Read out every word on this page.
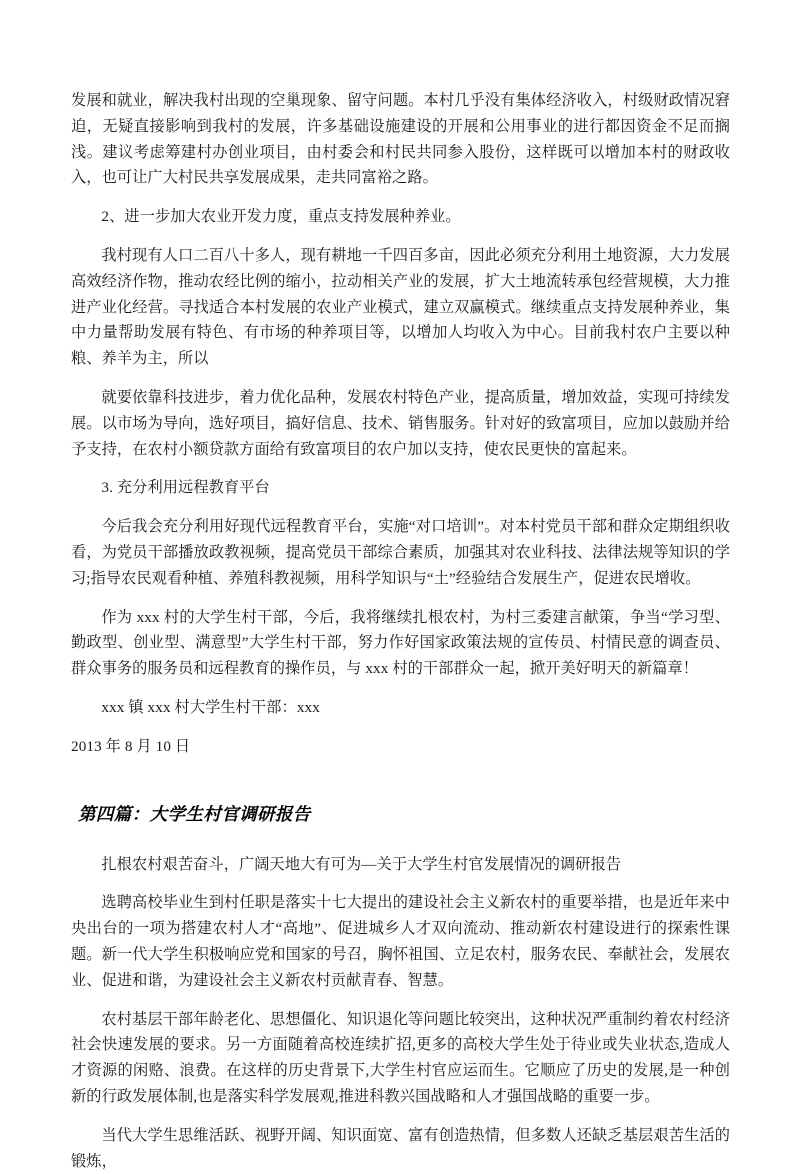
发展和就业，解决我村出现的空巢现象、留守问题。本村几乎没有集体经济收入，村级财政情况窘迫，无疑直接影响到我村的发展，许多基础设施建设的开展和公用事业的进行都因资金不足而搁浅。建议考虑筹建村办创业项目，由村委会和村民共同参入股份，这样既可以增加本村的财政收入，也可让广大村民共享发展成果，走共同富裕之路。

2、进一步加大农业开发力度，重点支持发展种养业。

我村现有人口二百八十多人，现有耕地一千四百多亩，因此必须充分利用土地资源，大力发展高效经济作物，推动农经比例的缩小，拉动相关产业的发展，扩大土地流转承包经营规模，大力推进产业化经营。寻找适合本村发展的农业产业模式，建立双赢模式。继续重点支持发展种养业，集中力量帮助发展有特色、有市场的种养项目等，以增加人均收入为中心。目前我村农户主要以种粮、养羊为主，所以

就要依靠科技进步，着力优化品种，发展农村特色产业，提高质量，增加效益，实现可持续发展。以市场为导向，选好项目，搞好信息、技术、销售服务。针对好的致富项目，应加以鼓励并给予支持，在农村小额贷款方面给有致富项目的农户加以支持，使农民更快的富起来。

3. 充分利用远程教育平台

今后我会充分利用好现代远程教育平台，实施“对口培训”。对本村党员干部和群众定期组织收看，为党员干部播放政教视频，提高党员干部综合素质，加强其对农业科技、法律法规等知识的学习;指导农民观看种植、养殖科教视频，用科学知识与“土”经验结合发展生产，促进农民增收。

作为 xxx 村的大学生村干部，今后，我将继续扎根农村，为村三委建言献策，争当“学习型、勤政型、创业型、满意型”大学生村干部，努力作好国家政策法规的宣传员、村情民意的调查员、群众事务的服务员和远程教育的操作员，与 xxx 村的干部群众一起，掀开美好明天的新篇章！

xxx 镇 xxx 村大学生村干部：xxx

2013 年 8 月 10 日

第四篇：大学生村官调研报告

扎根农村艰苦奋斗，广阔天地大有可为—关于大学生村官发展情况的调研报告

选聘高校毕业生到村任职是落实十七大提出的建设社会主义新农村的重要举措，也是近年来中央出台的一项为搭建农村人才“高地”、促进城乡人才双向流动、推动新农村建设进行的探索性课题。新一代大学生积极响应党和国家的号召，胸怀祖国、立足农村，服务农民、奉献社会，发展农业、促进和谐，为建设社会主义新农村贡献青春、智慧。

农村基层干部年龄老化、思想僵化、知识退化等问题比较突出，这种状况严重制约着农村经济社会快速发展的要求。另一方面随着高校连续扩招,更多的高校大学生处于待业或失业状态,造成人才资源的闲赂、浪费。在这样的历史背景下,大学生村官应运而生。它顺应了历史的发展,是一种创新的行政发展体制,也是落实科学发展观,推进科教兴国战略和人才强国战略的重要一步。

当代大学生思维活跃、视野开阔、知识面宽、富有创造热情，但多数人还缺乏基层艰苦生活的锻炼，
